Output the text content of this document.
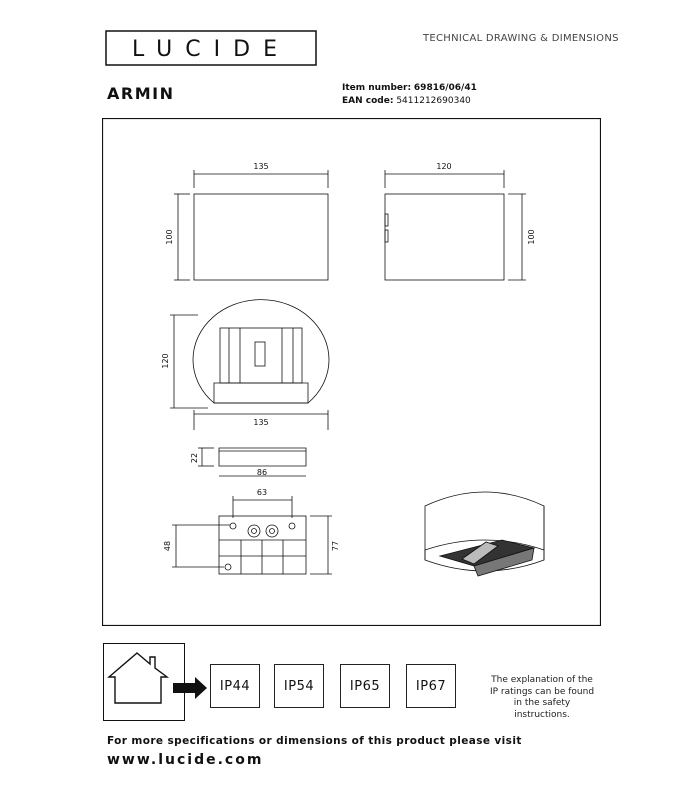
LUCIDE	TECHNICAL DRAWING & DIMENSIONS
ARMIN	Item number: 69816/06/41
EAN code: 5411212690340
135
100
120
100
120
135
22
86
63
48	77
IP44	IP54	IP65	IP67	The explanation of the
IP ratings can be found
in the safety
instructions.
For more specifications or dimensions of this product please visit
www.lucide.com
